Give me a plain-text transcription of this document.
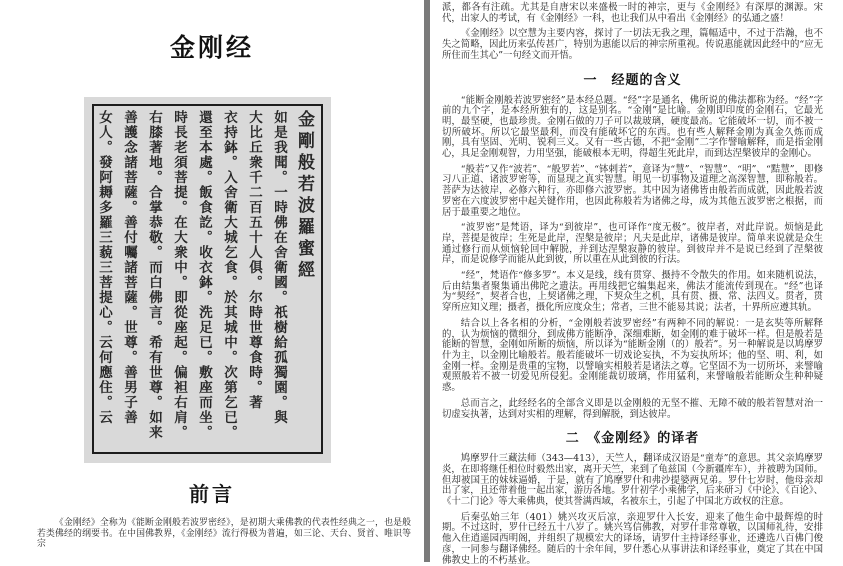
金刚经
金剛般若波羅蜜經
如是我聞。一時佛在舍衛國。祇樹給孤獨園。與
大比丘衆千二百五十人俱。尔時世尊食時。著
衣持鉢。入舍衛大城乞食。於其城中。次第乞已。
還至本處。飯食訖。收衣鉢。洗足已。敷座而坐。
時長老須菩提。在大衆中。即從座起。偏袒右肩。
右膝著地。合掌恭敬。而白佛言。希有世尊。如来
善護念諸菩薩。善付囑諸菩薩。世尊。善男子善
女人。發阿耨多羅三藐三菩提心。云何應住。云
前言

《金刚经》全称为《能断金刚般若波罗密经》，是初期大乘佛教的代表性经典之一，也是般若类佛经的纲要书。在中国佛教界，《金刚经》流行得极为普遍，如三论、天台、贤首、唯识等宗

派，都各有注疏。尤其是自唐宋以来盛极一时的神宗，更与《金刚经》有深厚的渊源。宋代，出家人的考试，有《金刚经》一科，也让我们从中看出《金刚经》的弘通之盛！

《金刚经》以空慧为主要内容，探讨了一切法无我之理，篇幅适中，不过于浩瀚，也不失之简略，因此历来弘传甚广，特别为惠能以后的神宗所重视。传说惠能就因此经中的“应无所住而生其心”一句经文而开悟。

一　经题的含义

“能断金刚般若波罗密经”是本经总题。“经”字是通名，佛所说的佛法都称为经。“经”字前的九个字，是本经所独有的，这是别名。“金刚”是比喻。金刚即印度的金刚石，它最光明，最坚硬，也最珍贵。金刚石做的刀子可以裁玻璃，硬度最高。它能破坏一切，而不被一切所破坏。所以它最坚最利，而没有能破坏它的东西。也有些人解释金刚为真金久炼而成刚，具有坚固、光明、锐利三义。又有一些古德，不把“金刚”二字作譬喻解释，而是指金刚心，具足金刚观智，力用坚强，能破根本无明，得超生死此岸，而到达涅槃彼岸的金刚心。

“般若”又作“波若”、“般罗若”、“钵剌若”，意译为“慧”、“智慧”、“明”、“黠慧”，即修习八正道、诸波罗密等，而显现之真实智慧。明见一切事物及道理之高深智慧，即称般若。菩萨为达彼岸，必修六种行，亦即修六波罗密。其中因为诸佛皆由般若而成就，因此般若波罗密在六度波罗密中起关键作用，也因此称般若为诸佛之母，成为其他五波罗密之根据，而居于最重要之地位。

“波罗密”是梵语，译为“到彼岸”，也可译作“度无极”。彼岸者，对此岸说。烦恼是此岸，菩提是彼岸；生死是此岸，涅槃是彼岸；凡夫是此岸，诸佛是彼岸。简单来说就是众生通过修行而从烦恼轮回中解脱，并到达涅槃寂静的彼岸。到彼岸并不是说已经到了涅槃彼岸，而是说修学而能从此到彼，所以重在从此到彼的行法。

“经”，梵语作“修多罗”。本义是线，线有贯穿、摄持不令散失的作用。如来随机说法，后由结集者聚集诵出佛陀之遗法。再用线把它编集起来，佛法才能流传到现在。“经”也译为“契经”，契者合也，上契诸佛之理，下契众生之机，具有贯、摄、常、法四义。贯者，贯穿所应知义理；摄者，摄化所应度众生；常者，三世不能易其说；法者，十界所应遵其轨。

结合以上各名相的分析，“金刚般若波罗密经”有两种不同的解说：一是玄奘等所解释的，认为烦恼的微细分，到成佛方能断净，深细难断，如金刚的难于破坏一样。但是般若是能断的智慧，金刚如所断的烦恼，所以译为“能断金刚（的）般若”。另一种解说是以鸠摩罗什为主，以金刚比喻般若。般若能破坏一切戏论妄执，不为妄执所坏；他的坚、明、利，如金刚一样。金刚是贵重的宝物，以譬喻实相般若是诸法之尊。它坚固不为一切所坏，来譬喻观照般若不被一切爱见所侵犯。金刚能裁切玻璃，作用猛利，来譬喻般若能断众生种种疑惑。

总而言之，此经经名的全部含义即是以金刚般的无坚不摧、无障不破的般若智慧对治一切虚妄执著，达到对实相的理解，得到解脱，到达彼岸。

二　《金刚经》的译者

鸠摩罗什三藏法师（343—413），天竺人，翻译成汉语是“童寿”的意思。其父亲鸠摩罗炎，在即将继任相位时毅然出家，离开天竺，来到了龟兹国（今新疆库车），并被聘为国师。但却被国王的妹妹逼婚，于是，就有了鸠摩罗什和弗沙提婆两兄弟。罗什七岁时，他母亲却出了家，且还带着他一起出家，游历各地。罗什初学小乘佛学，后来研习《中论》、《百论》、《十二门论》等大乘佛典，使其誉满西域，名被东土，引起了中国北方政权的注意。

后秦弘始三年（401）姚兴攻灭后凉，亲迎罗什入长安，迎来了他生命中最辉煌的时期。不过这时，罗什已经五十八岁了。姚兴笃信佛教，对罗什非常尊敬，以国师礼待，安排他入住逍遥园西明阁，并组织了规模宏大的译场，请罗什主持译经事业，还遴选八百佛门俊彦，一同参与翻译佛经。随后的十余年间，罗什悉心从事讲法和译经事业，奠定了其在中国佛教史上的不朽基业。
